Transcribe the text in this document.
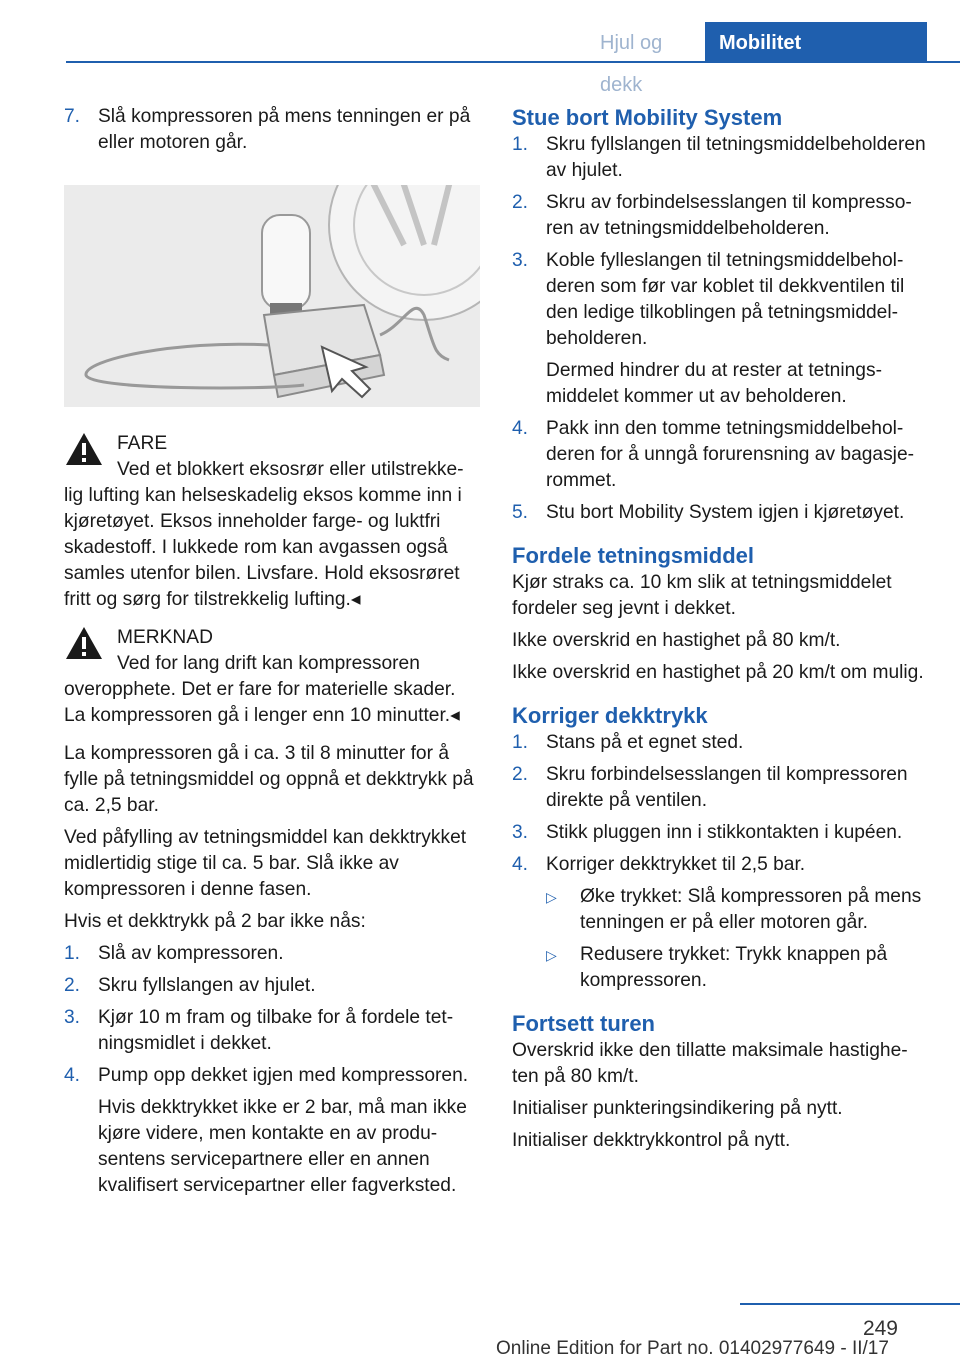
Hjul og dekk
Mobilitet
7. Slå kompressoren på mens tenningen er på eller motoren går.
FARE
Ved et blokkert eksosrør eller utilstrekke-
lig lufting kan helseskadelig eksos komme inn i kjøretøyet. Eksos inneholder farge- og luktfri skadestoff. I lukkede rom kan avgassen også samles utenfor bilen. Livsfare. Hold eksosrøret fritt og sørg for tilstrekkelig lufting.◂
MERKNAD
Ved for lang drift kan kompressoren
overopphete. Det er fare for materielle skader. La kompressoren gå i lenger enn 10 minutter.◂

La kompressoren gå i ca. 3 til 8 minutter for å fylle på tetningsmiddel og oppnå et dekktrykk på ca. 2,5 bar.

Ved påfylling av tetningsmiddel kan dekktrykket midlertidig stige til ca. 5 bar. Slå ikke av kompressoren i denne fasen.

Hvis et dekktrykk på 2 bar ikke nås:

1. Slå av kompressoren.
2. Skru fyllslangen av hjulet.
3. Kjør 10 m fram og tilbake for å fordele tetningsmidlet i dekket.
4. Pump opp dekket igjen med kompressoren.

Hvis dekktrykket ikke er 2 bar, må man ikke kjøre videre, men kontakte en av produsentens servicepartnere eller en annen kvalifisert servicepartner eller fagverksted.

Stue bort Mobility System
1. Skru fyllslangen til tetningsmiddelbeholderen av hjulet.
2. Skru av forbindelsesslangen til kompressoren av tetningsmiddelbeholderen.
3. Koble fylleslangen til tetningsmiddelbeholderen som før var koblet til dekkventilen til den ledige tilkoblingen på tetningsmiddelbeholderen.

Dermed hindrer du at rester at tetningsmiddelet kommer ut av beholderen.

4. Pakk inn den tomme tetningsmiddelbeholderen for å unngå forurensning av bagasjerommet.
5. Stu bort Mobility System igjen i kjøretøyet.
Fordele tetningsmiddel

Kjør straks ca. 10 km slik at tetningsmiddelet fordeler seg jevnt i dekket.

Ikke overskrid en hastighet på 80 km/t.

Ikke overskrid en hastighet på 20 km/t om mulig.

Korriger dekktrykk
1. Stans på et egnet sted.
2. Skru forbindelsesslangen til kompressoren direkte på ventilen.
3. Stikk pluggen inn i stikkontakten i kupéen.
4. Korriger dekktrykket til 2,5 bar.
▷	Øke trykket: Slå kompressoren på mens tenningen er på eller motoren går.
▷	Redusere trykket: Trykk knappen på kompressoren.
Fortsett turen

Overskrid ikke den tillatte maksimale hastigheten på 80 km/t.

Initialiser punkteringsindikering på nytt.

Initialiser dekktrykkontrol på nytt.

249
Online Edition for Part no. 01402977649 - II/17
